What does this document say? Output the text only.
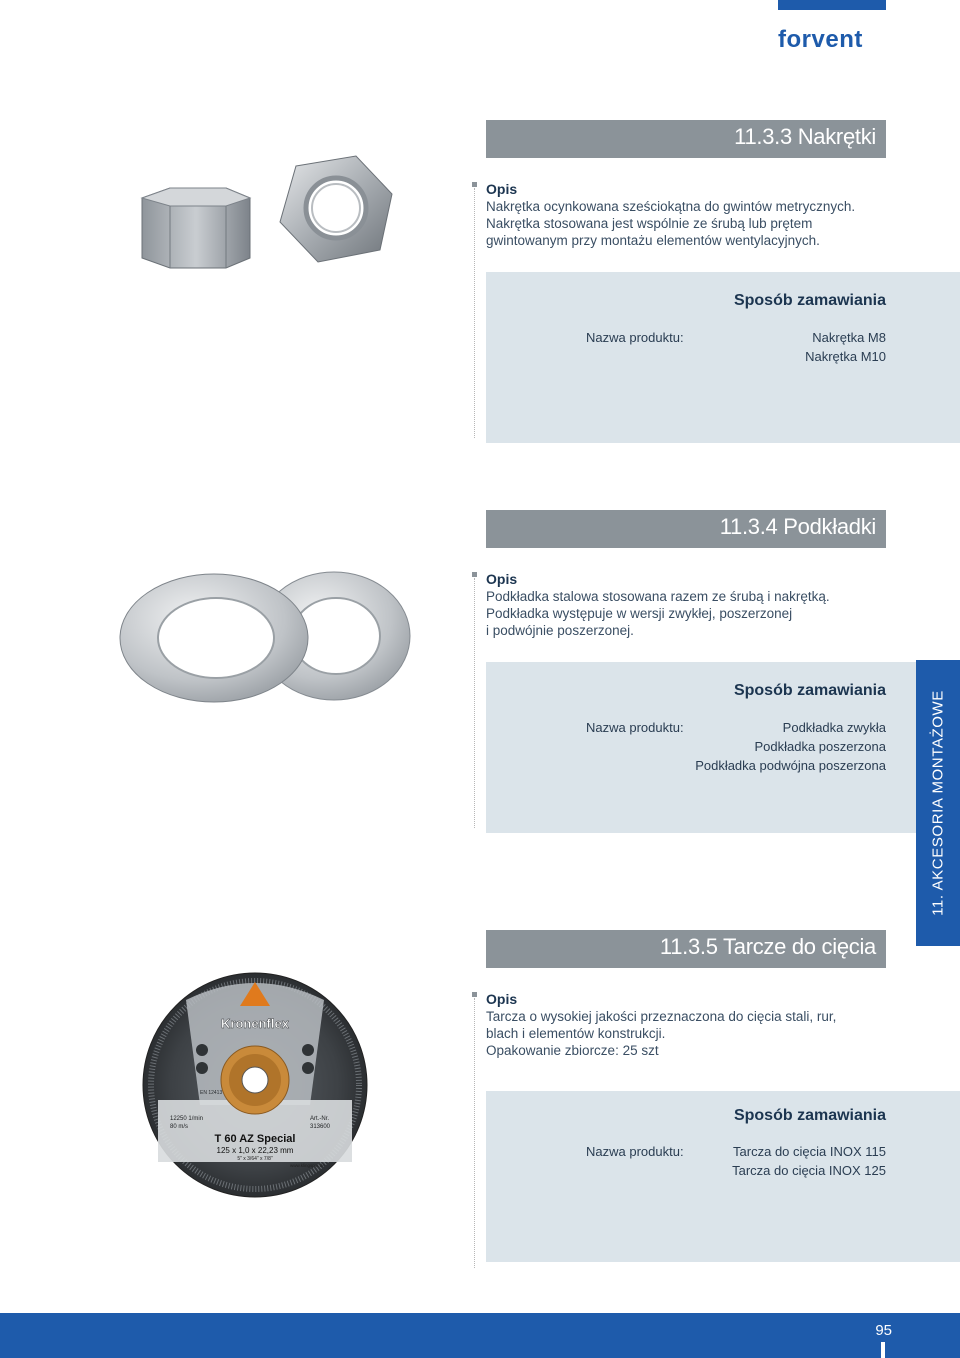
forvent
11.3.3 Nakrętki
Opis
Nakrętka ocynkowana sześciokątna do gwintów metrycznych.
Nakrętka stosowana jest wspólnie ze śrubą lub prętem
gwintowanym przy montażu elementów wentylacyjnych.
Sposób zamawiania
Nazwa produktu:	Nakrętka M8
Nakrętka M10
11.3.4 Podkładki
Opis
Podkładka stalowa stosowana razem ze śrubą i nakrętką.
Podkładka występuje w wersji zwykłej, poszerzonej
i podwójnie poszerzonej.
Sposób zamawiania
Nazwa produktu:	Podkładka zwykła
Podkładka poszerzona
Podkładka podwójna poszerzona
11.3.5 Tarcze do cięcia
Kronenflex
EN 12413
12250 1/min
80 m/s
Art.-Nr.
313600
T 60 AZ Special
125 x 1,0 x 22,23 mm
5" x 3/64" x 7/8"
www.klingspor.de
Opis
Tarcza o wysokiej jakości przeznaczona do cięcia stali, rur,
blach i elementów konstrukcji.
Opakowanie zbiorcze: 25 szt
Sposób zamawiania
Nazwa produktu:	Tarcza do cięcia INOX 115
Tarcza do cięcia INOX 125
11. AKCESORIA MONTAŻOWE
95
